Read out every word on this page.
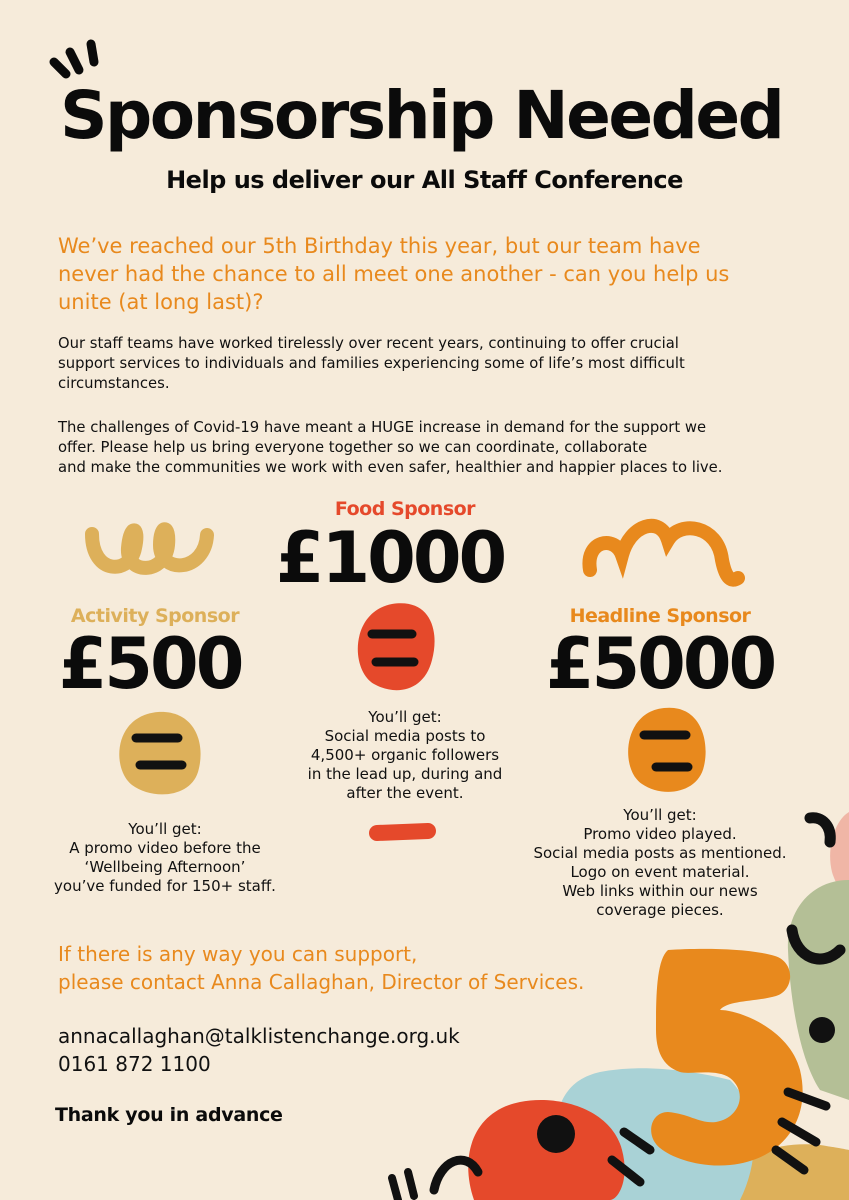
Sponsorship Needed
Help us deliver our All Staff Conference
We’ve reached our 5th Birthday this year, but our team have
never had the chance to all meet one another - can you help us
unite (at long last)?
Our staff teams have worked tirelessly over recent years, continuing to offer crucial
support services to individuals and families experiencing some of life’s most difficult
circumstances.
The challenges of Covid-19 have meant a HUGE increase in demand for the support we
offer. Please help us bring everyone together so we can coordinate, collaborate
and make the communities we work with even safer, healthier and happier places to live.
Food Sponsor
£1000
You’ll get:
Social media posts to
4,500+ organic followers
in the lead up, during and
after the event.
Activity Sponsor
£500
You’ll get:
A promo video before the
‘Wellbeing Afternoon’
you’ve funded for 150+ staff.
Headline Sponsor
£5000
You’ll get:
Promo video played.
Social media posts as mentioned.
Logo on event material.
Web links within our news
coverage pieces.
If there is any way you can support,
please contact Anna Callaghan, Director of Services.
annacallaghan@talklistenchange.org.uk
0161 872 1100
Thank you in advance
